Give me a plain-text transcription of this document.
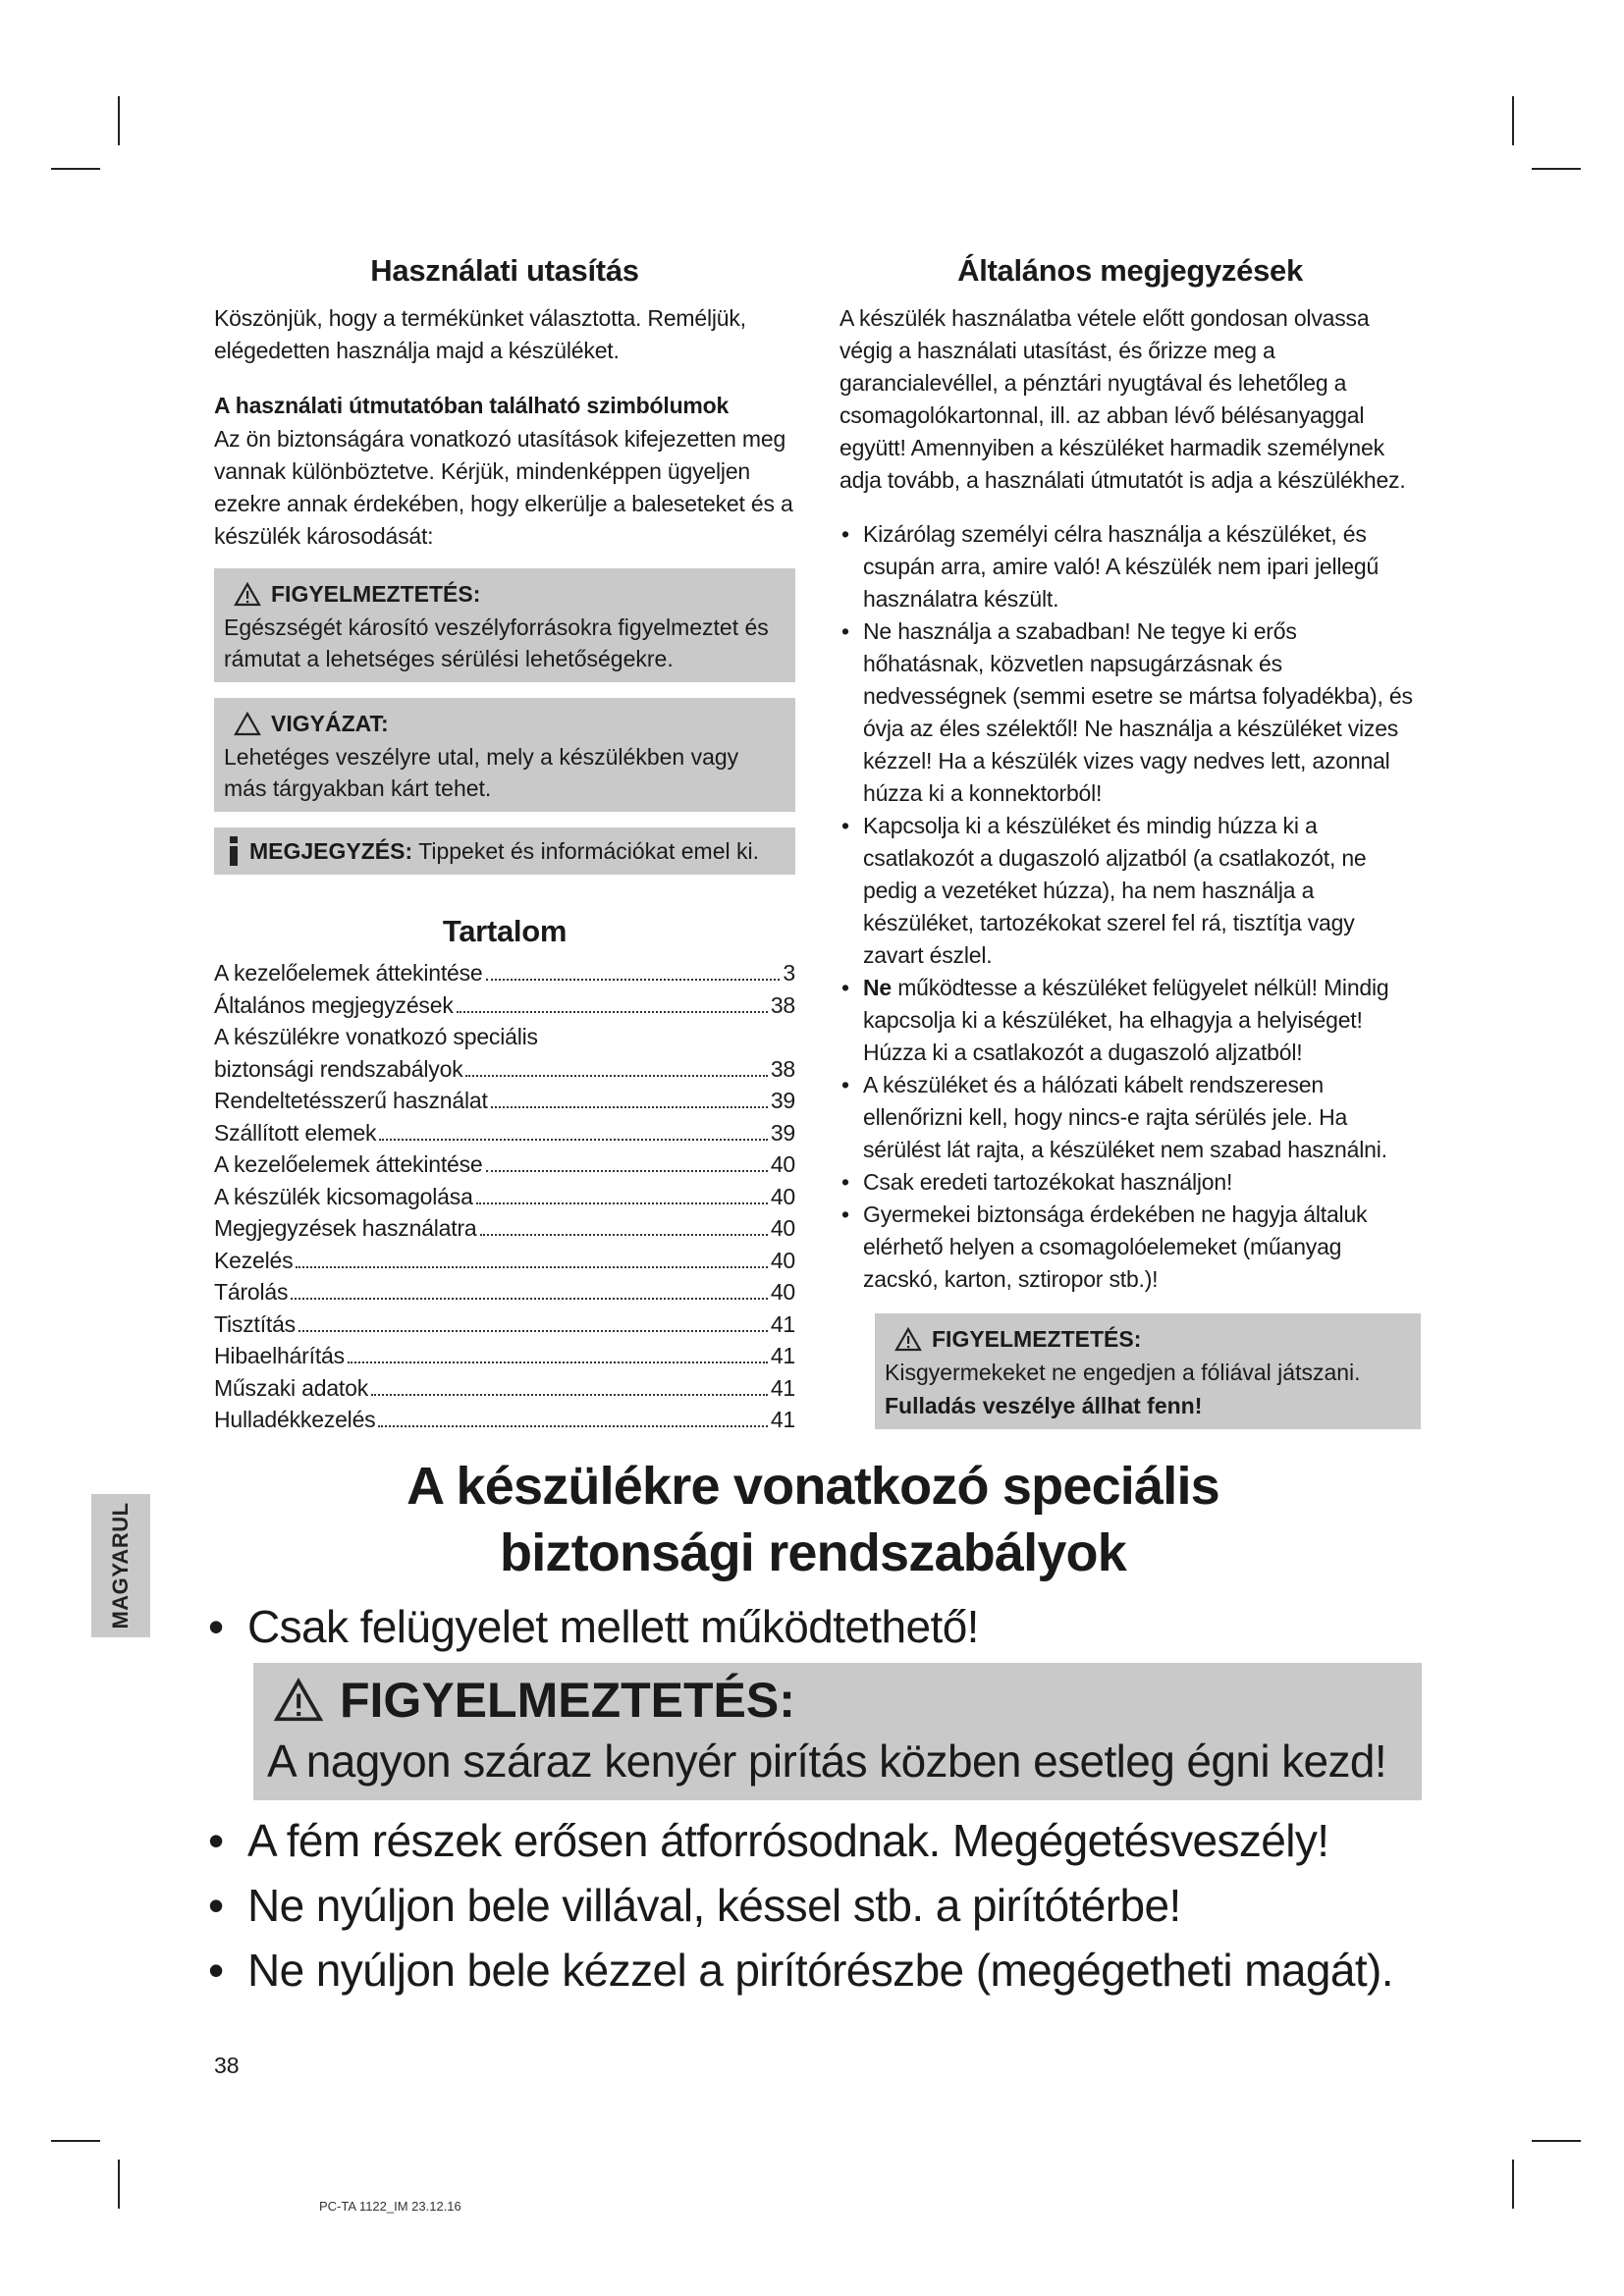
Használati utasítás

Köszönjük, hogy a termékünket választotta. Reméljük, elégedetten használja majd a készüléket.

A használati útmutatóban található szimbólumok

Az ön biztonságára vonatkozó utasítások kifejezetten meg vannak különböztetve. Kérjük, mindenképpen ügyeljen ezekre annak érdekében, hogy elkerülje a baleseteket és a készülék károsodását:

FIGYELMEZTETÉS:
Egészségét károsító veszélyforrásokra figyelmeztet és rámutat a lehetséges sérülési lehetőségekre.
VIGYÁZAT:
Lehetéges veszélyre utal, mely a készülékben vagy más tárgyakban kárt tehet.
MEGJEGYZÉS: Tippeket és információkat emel ki.
Tartalom
A kezelőelemek áttekintése	3
Általános megjegyzések	38
A készülékre vonatkozó speciális
biztonsági rendszabályok	38
Rendeltetésszerű használat	39
Szállított elemek	39
A kezelőelemek áttekintése	40
A készülék kicsomagolása	40
Megjegyzések használatra	40
Kezelés	40
Tárolás	40
Tisztítás	41
Hibaelhárítás	41
Műszaki adatok	41
Hulladékkezelés	41
Általános megjegyzések

A készülék használatba vétele előtt gondosan olvassa végig a használati utasítást, és őrizze meg a garancialevéllel, a pénztári nyugtával és lehetőleg a csomagolókartonnal, ill. az abban lévő bélésanyaggal együtt! Amennyiben a készüléket harmadik személynek adja tovább, a használati útmutatót is adja a készülékhez.

• Kizárólag személyi célra használja a készüléket, és csupán arra, amire való! A készülék nem ipari jellegű használatra készült.
• Ne használja a szabadban! Ne tegye ki erős hőhatásnak, közvetlen napsugárzásnak és nedvességnek (semmi esetre se mártsa folyadékba), és óvja az éles szélektől! Ne használja a készüléket vizes kézzel! Ha a készülék vizes vagy nedves lett, azonnal húzza ki a konnektorból!
• Kapcsolja ki a készüléket és mindig húzza ki a csatlakozót a dugaszoló aljzatból (a csatlakozót, ne pedig a vezetéket húzza), ha nem használja a készüléket, tartozékokat szerel fel rá, tisztítja vagy zavart észlel.
• Ne működtesse a készüléket felügyelet nélkül! Mindig kapcsolja ki a készüléket, ha elhagyja a helyiséget! Húzza ki a csatlakozót a dugaszoló aljzatból!
• A készüléket és a hálózati kábelt rendszeresen ellenőrizni kell, hogy nincs-e rajta sérülés jele. Ha sérülést lát rajta, a készüléket nem szabad használni.
• Csak eredeti tartozékokat használjon!
• Gyermekei biztonsága érdekében ne hagyja általuk elérhető helyen a csomagolóelemeket (műanyag zacskó, karton, sztiropor stb.)!
FIGYELMEZTETÉS:
Kisgyermekeket ne engedjen a fóliával játszani.
Fulladás veszélye állhat fenn!
MAGYARUL
A készülékre vonatkozó speciális
biztonsági rendszabályok
• Csak felügyelet mellett működtethető!
FIGYELMEZTETÉS:
A nagyon száraz kenyér pirítás közben esetleg égni kezd!
• A fém részek erősen átforrósodnak. Megégetésveszély!
• Ne nyúljon bele villával, késsel stb. a pirítótérbe!
• Ne nyúljon bele kézzel a pirítórészbe (megégetheti magát).
38
PC-TA 1122_IM 23.12.16
